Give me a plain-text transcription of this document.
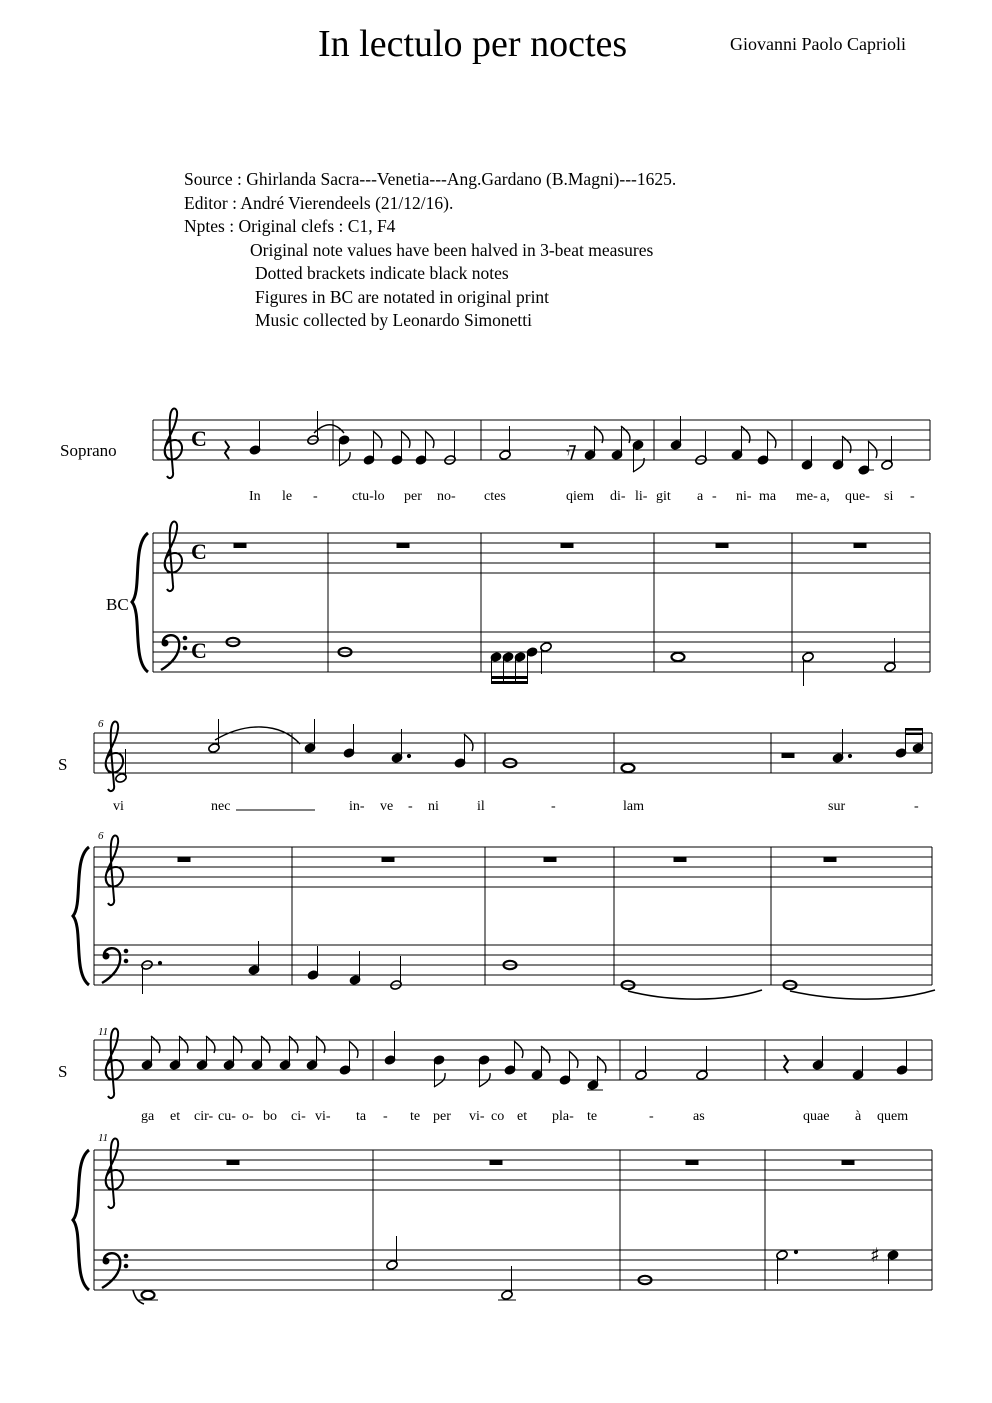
In lectulo per noctes	Giovanni Paolo Caprioli
Source : Ghirlanda Sacra---Venetia---Ang.Gardano (B.Magni)---1625.
Editor : André Vierendeels (21/12/16).
Nptes : Original clefs : C1, F4
Original note values have been halved in 3-beat measures
Dotted brackets indicate black notes
Figures in BC are notated in original print
Music collected by Leonardo Simonetti
Soprano
BC
S
S
6
6
11
11
In le - ctu-lo per no- ctes	qiem di- li- git a - ni- ma me- a, que- si -
vi	nec	in- ve - ni	il	-	lam	sur	-
ga et cir- cu- o- bo ci- vi- ta - te per vi- co et pla- te	-	as	quae à quem
C
C
C
𝄾
♯
